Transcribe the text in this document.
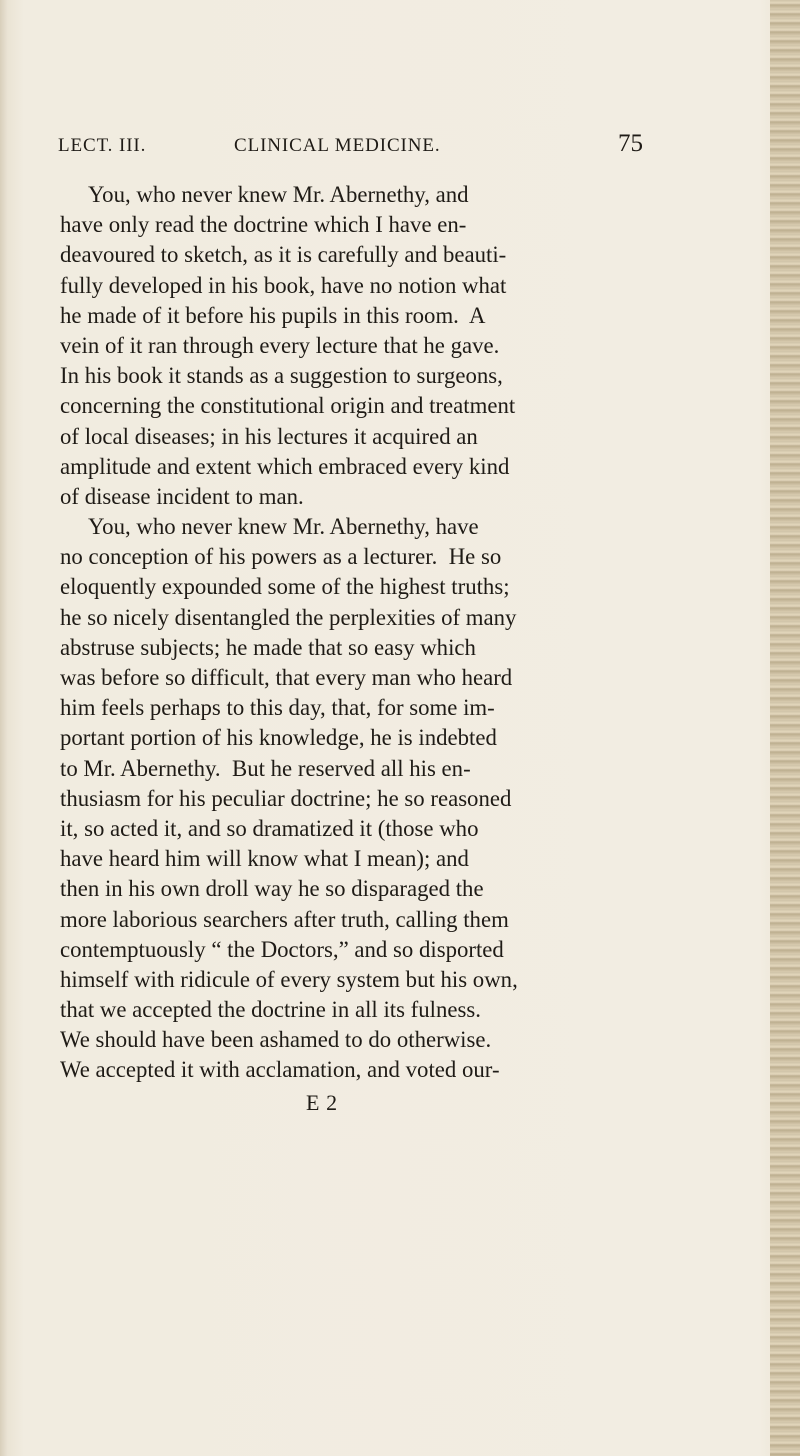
LECT. III.	CLINICAL MEDICINE.	75
You, who never knew Mr. Abernethy, and
have only read the doctrine which I have en-
deavoured to sketch, as it is carefully and beauti-
fully developed in his book, have no notion what
he made of it before his pupils in this room.  A
vein of it ran through every lecture that he gave.
In his book it stands as a suggestion to surgeons,
concerning the constitutional origin and treatment
of local diseases; in his lectures it acquired an
amplitude and extent which embraced every kind
of disease incident to man.
You, who never knew Mr. Abernethy, have
no conception of his powers as a lecturer.  He so
eloquently expounded some of the highest truths;
he so nicely disentangled the perplexities of many
abstruse subjects; he made that so easy which
was before so difficult, that every man who heard
him feels perhaps to this day, that, for some im-
portant portion of his knowledge, he is indebted
to Mr. Abernethy.  But he reserved all his en-
thusiasm for his peculiar doctrine; he so reasoned
it, so acted it, and so dramatized it (those who
have heard him will know what I mean); and
then in his own droll way he so disparaged the
more laborious searchers after truth, calling them
contemptuously “ the Doctors,” and so disported
himself with ridicule of every system but his own,
that we accepted the doctrine in all its fulness.
We should have been ashamed to do otherwise.
We accepted it with acclamation, and voted our-
E 2
